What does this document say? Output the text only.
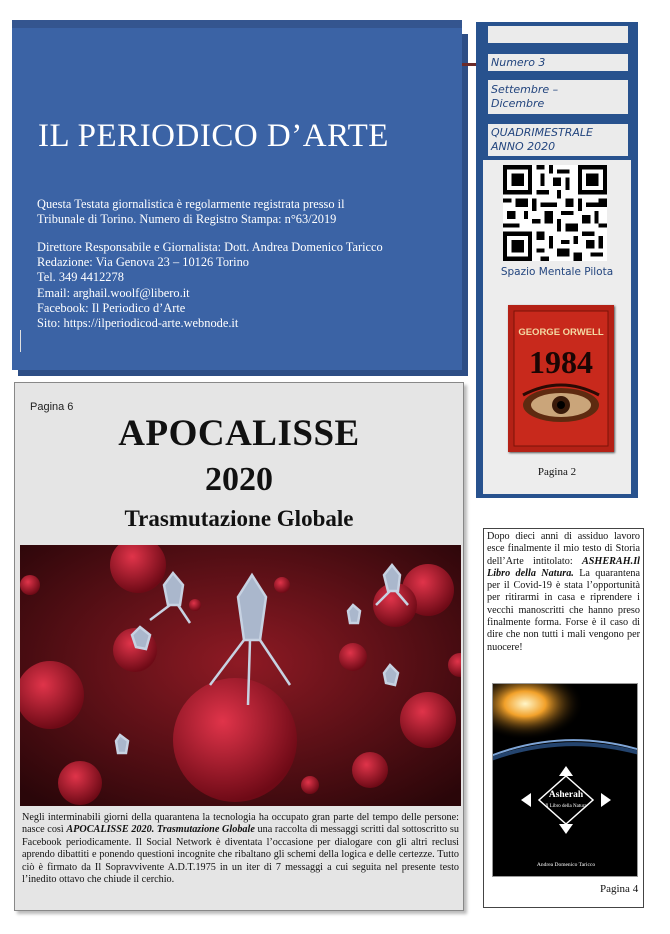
IL PERIODICO D’ARTE
Questa Testata giornalistica è regolarmente registrata presso il
Tribunale di Torino. Numero di Registro Stampa: n°63/2019
Direttore Responsabile e Giornalista: Dott. Andrea Domenico Taricco
Redazione: Via Genova 23 – 10126 Torino
Tel. 349 4412278
Email: arghail.woolf@libero.it
Facebook: Il Periodico d’Arte
Sito: https://ilperiodicod-arte.webnode.it
Numero 3
Settembre –
Dicembre
QUADRIMESTRALE
ANNO 2020
Spazio Mentale Pilota
GEORGE ORWELL
1984
Pagina 2
Pagina 6
APOCALISSE
2020
Trasmutazione Globale
Negli interminabili giorni della quarantena la tecnologia ha occupato gran parte del tempo delle persone: nasce così APOCALISSE 2020. Trasmutazione Globale una raccolta di messaggi scritti dal sottoscritto su Facebook periodicamente. Il Social Network è diventata l’occasione per dialogare con gli altri reclusi aprendo dibattiti e ponendo questioni incognite che ribaltano gli schemi della logica e delle certezze. Tutto ciò è firmato da Il Sopravvivente A.D.T.1975 in un iter di 7 messaggi a cui seguita nel presente testo l’inedito ottavo che chiude il cerchio.
Dopo dieci anni di assiduo lavoro esce finalmente il mio testo di Storia dell’Arte intitolato: ASHERAH.Il Libro della Natura. La quarantena per il Covid-19 è stata l’opportunità per ritirarmi in casa e riprendere i vecchi manoscritti che hanno preso finalmente forma. Forse è il caso di dire che non tutti i mali vengono per nuocere!
Asherah
Il Libro della Natura
Andrea Domenico Taricco
Pagina 4
